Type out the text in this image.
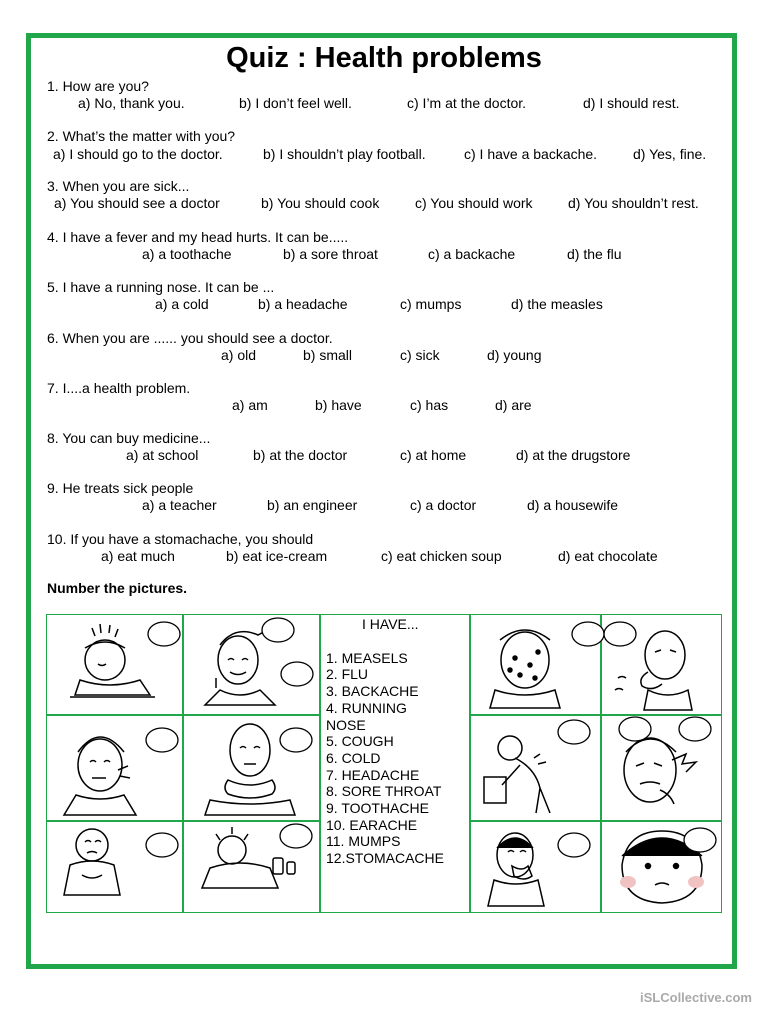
Quiz : Health problems
1. How are you?
a) No, thank you.	b) I don’t feel well.	c) I’m at the doctor.	d) I should rest.
2. What’s the matter with you?
a) I should go to the doctor.	b) I shouldn’t play football.	c) I have a backache.	d) Yes, fine.
3. When you are sick...
a) You should see a doctor	b) You should cook	c) You should work	d) You shouldn’t rest.
4. I have a fever and my head hurts. It can be.....
a) a toothache	b) a sore throat	c) a backache	d) the flu
5. I have a running nose. It can be ...
a) a cold	b) a headache	c) mumps	d) the measles
6. When you are ...... you should see a doctor.
a) old	b) small	c) sick	d) young
7. I....a health problem.
a) am	b) have	c) has	d) are
8. You can buy medicine...
a) at school	b) at the doctor	c) at home	d) at the drugstore
9. He treats sick people
a) a teacher	b) an engineer	c) a doctor	d) a housewife
10. If you have a stomachache, you should
a) eat much	b) eat ice-cream	c) eat chicken soup	d) eat chocolate
Number the pictures.
I HAVE...
1. MEASELS
2. FLU
3. BACKACHE
4. RUNNING
NOSE
5. COUGH
6. COLD
7. HEADACHE
8. SORE THROAT
9. TOOTHACHE
10. EARACHE
11. MUMPS
12.STOMACACHE
iSLCollective.com
